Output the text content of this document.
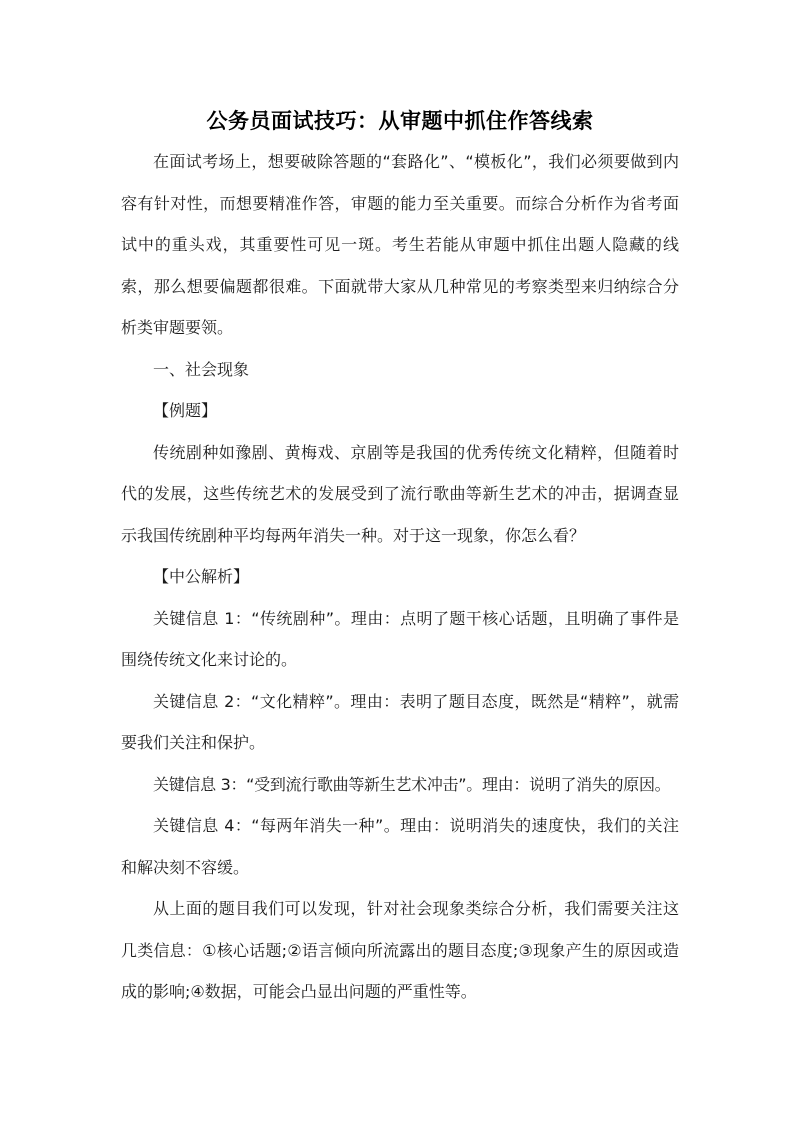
公务员面试技巧：从审题中抓住作答线索

在面试考场上，想要破除答题的“套路化”、“模板化”，我们必须要做到内容有针对性，而想要精准作答，审题的能力至关重要。而综合分析作为省考面试中的重头戏，其重要性可见一斑。考生若能从审题中抓住出题人隐藏的线索，那么想要偏题都很难。下面就带大家从几种常见的考察类型来归纳综合分析类审题要领。

一、社会现象

【例题】

传统剧种如豫剧、黄梅戏、京剧等是我国的优秀传统文化精粹，但随着时代的发展，这些传统艺术的发展受到了流行歌曲等新生艺术的冲击，据调查显示我国传统剧种平均每两年消失一种。对于这一现象，你怎么看？

【中公解析】

关键信息 1：“传统剧种”。理由：点明了题干核心话题，且明确了事件是围绕传统文化来讨论的。

关键信息 2：“文化精粹”。理由：表明了题目态度，既然是“精粹”，就需要我们关注和保护。

关键信息 3：“受到流行歌曲等新生艺术冲击”。理由：说明了消失的原因。

关键信息 4：“每两年消失一种”。理由：说明消失的速度快，我们的关注和解决刻不容缓。

从上面的题目我们可以发现，针对社会现象类综合分析，我们需要关注这几类信息：①核心话题;②语言倾向所流露出的题目态度;③现象产生的原因或造成的影响;④数据，可能会凸显出问题的严重性等。
